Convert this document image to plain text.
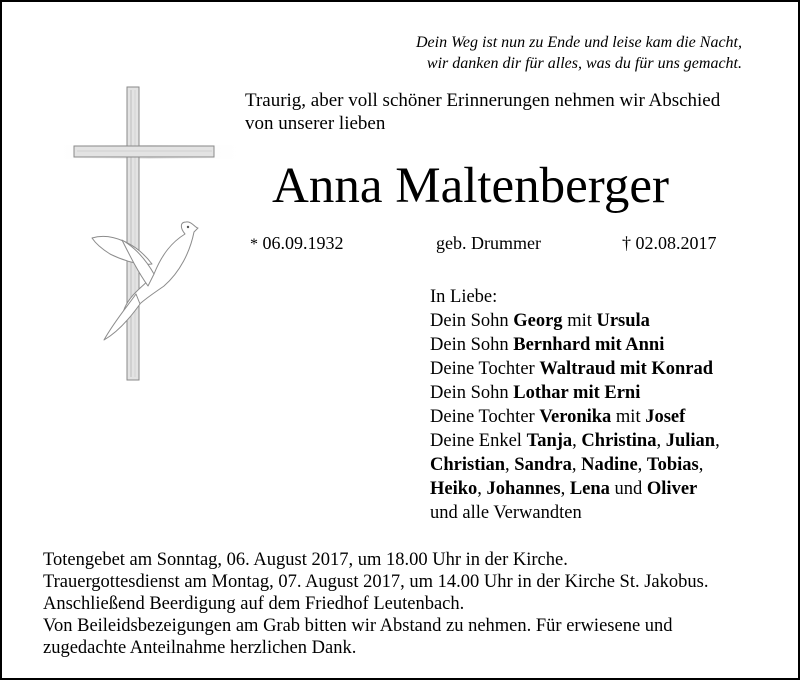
Dein Weg ist nun zu Ende und leise kam die Nacht,
wir danken dir für alles, was du für uns gemacht.
Traurig, aber voll schöner Erinnerungen nehmen wir Abschied
von unserer lieben
Anna Maltenberger
* 06.09.1932	geb. Drummer	† 02.08.2017
In Liebe:
Dein Sohn Georg mit Ursula
Dein Sohn Bernhard mit Anni
Deine Tochter Waltraud mit Konrad
Dein Sohn Lothar mit Erni
Deine Tochter Veronika mit Josef
Deine Enkel Tanja, Christina, Julian,
Christian, Sandra, Nadine, Tobias,
Heiko, Johannes, Lena und Oliver
und alle Verwandten
Totengebet am Sonntag, 06. August 2017, um 18.00 Uhr in der Kirche.
Trauergottesdienst am Montag, 07. August 2017, um 14.00 Uhr in der Kirche St. Jakobus.
Anschließend Beerdigung auf dem Friedhof Leutenbach.
Von Beileidsbezeigungen am Grab bitten wir Abstand zu nehmen. Für erwiesene und
zugedachte Anteilnahme herzlichen Dank.
